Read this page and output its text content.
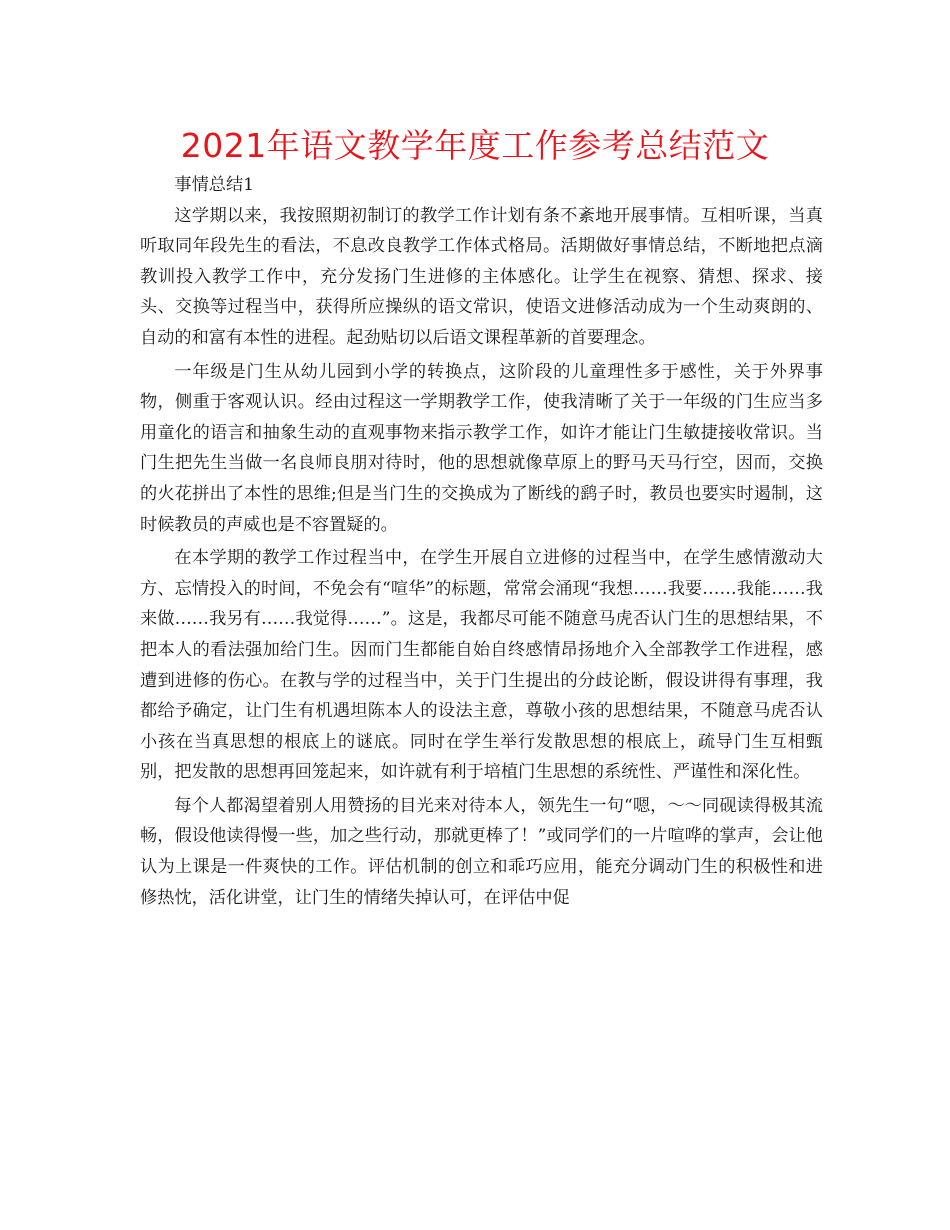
2021年语文教学年度工作参考总结范文

事情总结1

这学期以来，我按照期初制订的教学工作计划有条不紊地开展事情。互相听课，当真听取同年段先生的看法，不息改良教学工作体式格局。活期做好事情总结，不断地把点滴教训投入教学工作中，充分发扬门生进修的主体感化。让学生在视察、猜想、探求、接头、交换等过程当中，获得所应操纵的语文常识，使语文进修活动成为一个生动爽朗的、自动的和富有本性的进程。起劲贴切以后语文课程革新的首要理念。

一年级是门生从幼儿园到小学的转换点，这阶段的儿童理性多于感性，关于外界事物，侧重于客观认识。经由过程这一学期教学工作，使我清晰了关于一年级的门生应当多用童化的语言和抽象生动的直观事物来指示教学工作，如许才能让门生敏捷接收常识。当门生把先生当做一名良师良朋对待时，他的思想就像草原上的野马天马行空，因而，交换的火花拼出了本性的思维;但是当门生的交换成为了断线的鹞子时，教员也要实时遏制，这时候教员的声威也是不容置疑的。

在本学期的教学工作过程当中，在学生开展自立进修的过程当中，在学生感情激动大方、忘情投入的时间，不免会有“喧华”的标题，常常会涌现“我想……我要……我能……我来做……我另有……我觉得……”。这是，我都尽可能不随意马虎否认门生的思想结果，不把本人的看法强加给门生。因而门生都能自始自终感情昂扬地介入全部教学工作进程，感遭到进修的伤心。在教与学的过程当中，关于门生提出的分歧论断，假设讲得有事理，我都给予确定，让门生有机遇坦陈本人的设法主意，尊敬小孩的思想结果，不随意马虎否认小孩在当真思想的根底上的谜底。同时在学生举行发散思想的根底上，疏导门生互相甄别，把发散的思想再回笼起来，如许就有利于培植门生思想的系统性、严谨性和深化性。

每个人都渴望着别人用赞扬的目光来对待本人，领先生一句“嗯，～～同砚读得极其流畅，假设他读得慢一些，加之些行动，那就更棒了！”或同学们的一片喧哗的掌声，会让他认为上课是一件爽快的工作。评估机制的创立和乖巧应用，能充分调动门生的积极性和进修热忱，活化讲堂，让门生的情绪失掉认可，在评估中促
